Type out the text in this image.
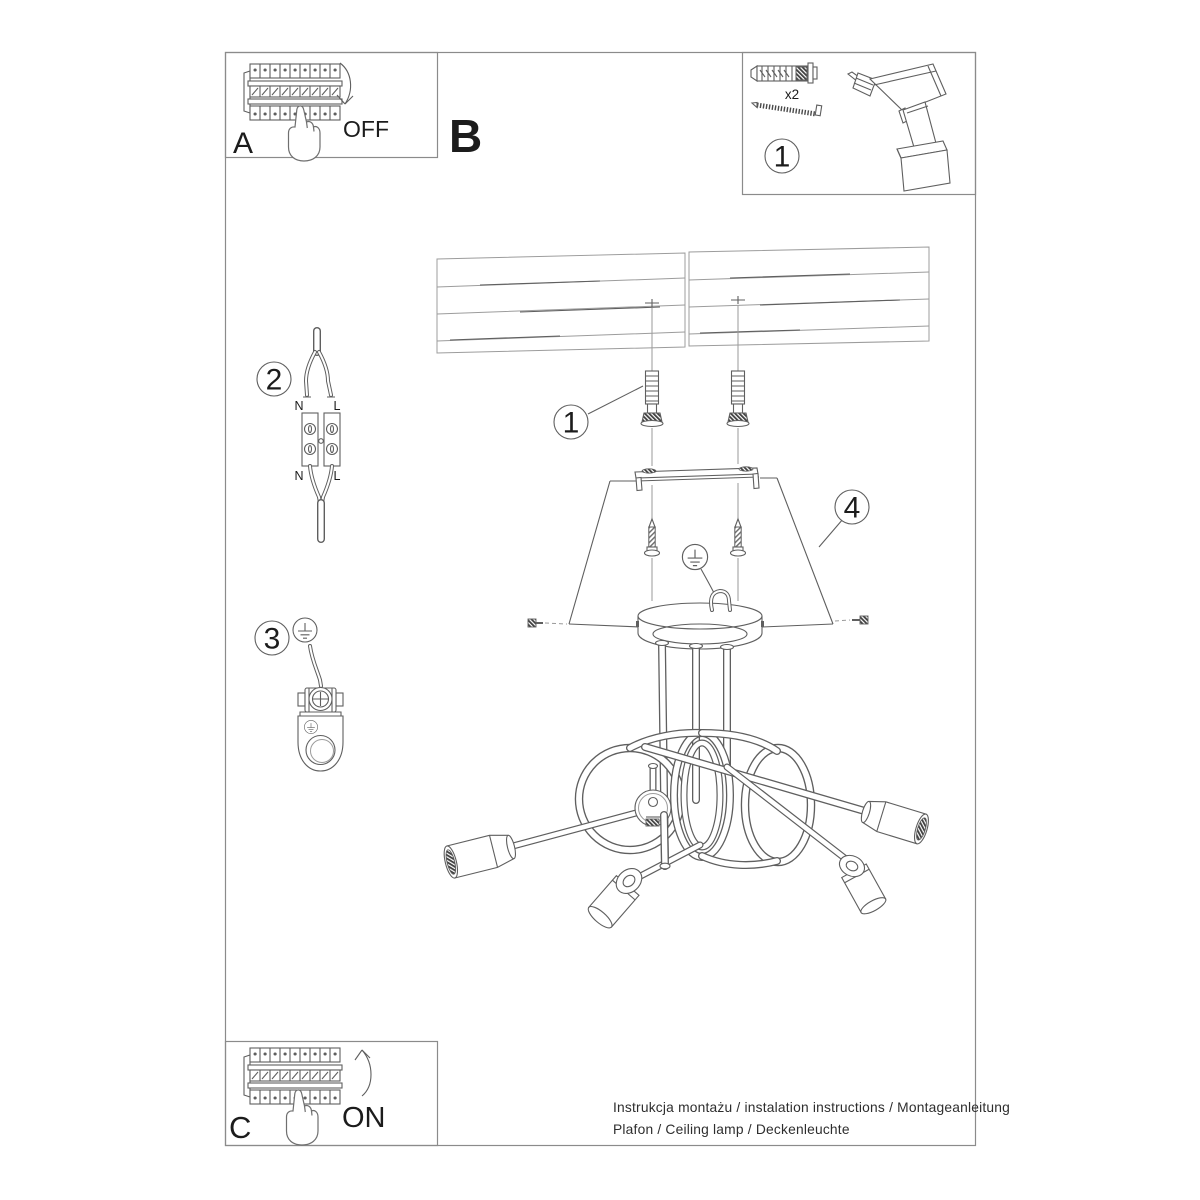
A	OFF B
x2
1
2
N L
N L
3
1
4
C	ON	Instrukcja montażu / instalation instructions / Montageanleitung
Plafon / Ceiling lamp / Deckenleuchte
